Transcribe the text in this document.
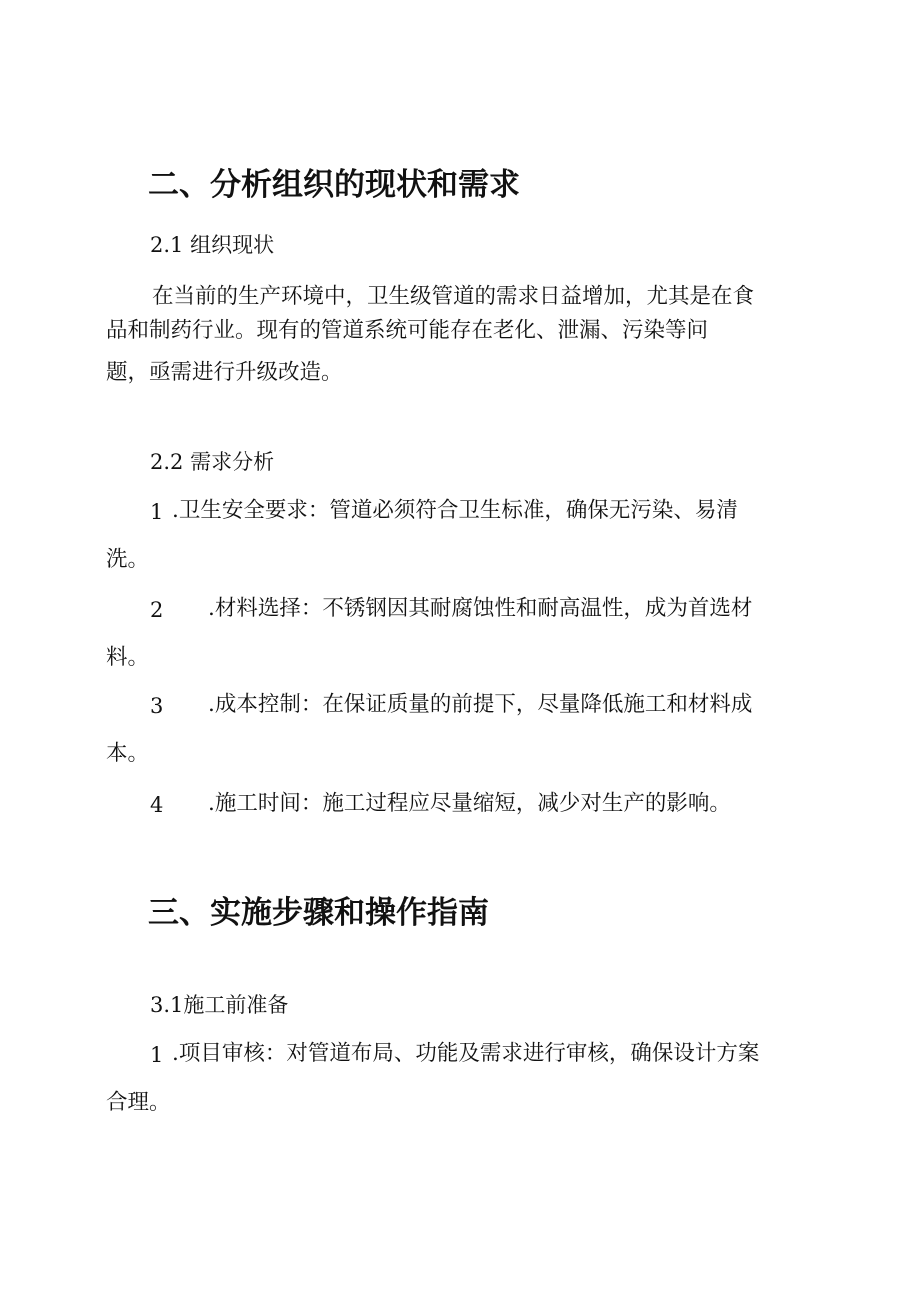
二、分析组织的现状和需求
2.1 组织现状
在当前的生产环境中，卫生级管道的需求日益增加，尤其是在食
品和制药行业。现有的管道系统可能存在老化、泄漏、污染等问
题，亟需进行升级改造。
2.2 需求分析
1 .卫生安全要求：管道必须符合卫生标准，确保无污染、易清
洗。
2 .材料选择：不锈钢因其耐腐蚀性和耐高温性，成为首选材
料。
3 .成本控制：在保证质量的前提下，尽量降低施工和材料成
本。
4 .施工时间：施工过程应尽量缩短，减少对生产的影响。
三、实施步骤和操作指南
3.1施工前准备
1 .项目审核：对管道布局、功能及需求进行审核，确保设计方案
合理。
